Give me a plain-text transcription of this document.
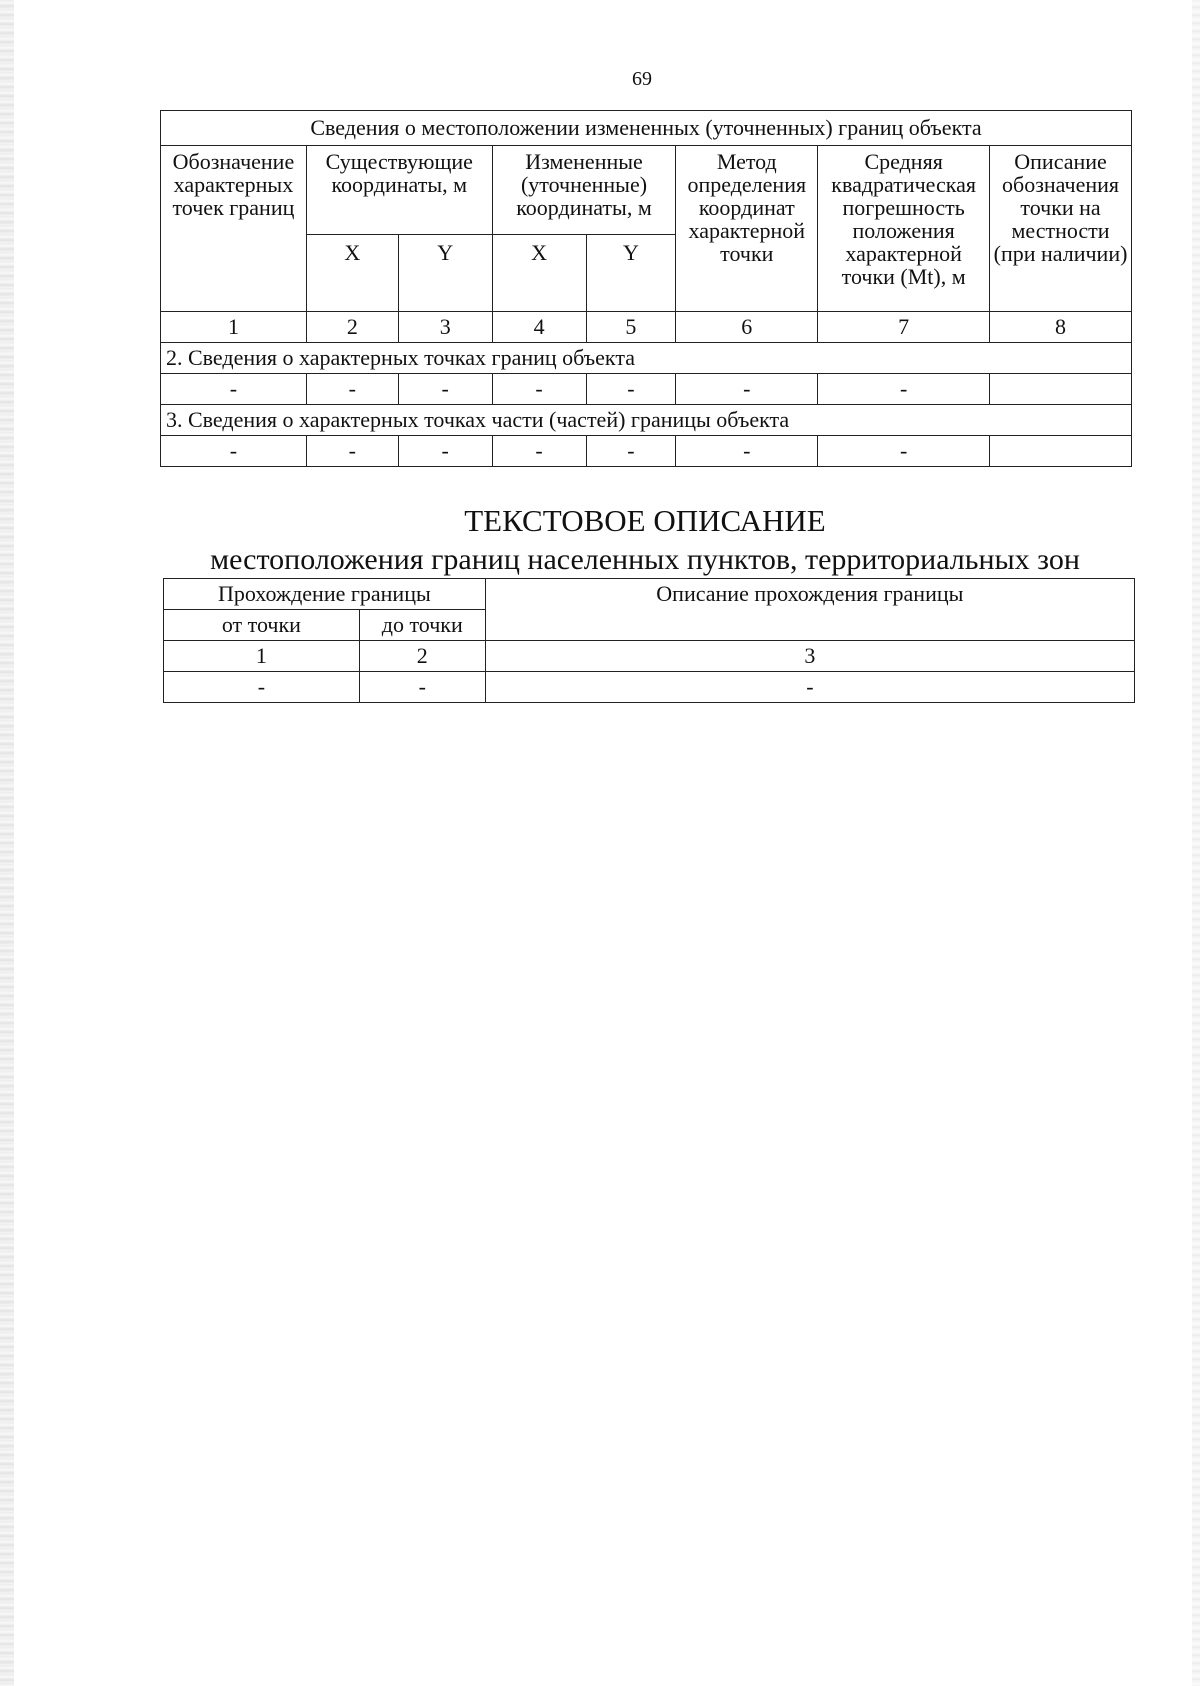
69
Сведения о местоположении измененных (уточненных) границ объекта							
Обозначение характерных точек границ	Существующие координаты, м		Измененные (уточненные) координаты, м		Метод определения координат характерной точки	Средняя квадратическая погрешность положения характерной точки (Mt), м	Описание обозначения точки на местности (при наличии)
	X	Y	X	Y			
1	2	3	4	5	6	7	8
2. Сведения о характерных точках границ объекта							
-	-	-	-	-	-	-	
3. Сведения о характерных точках части (частей) границы объекта							
-	-	-	-	-	-	-	
ТЕКСТОВОЕ ОПИСАНИЕ
местоположения границ населенных пунктов, территориальных зон
Прохождение границы		Описание прохождения границы
от точки	до точки	
1	2	3
-	-	-
